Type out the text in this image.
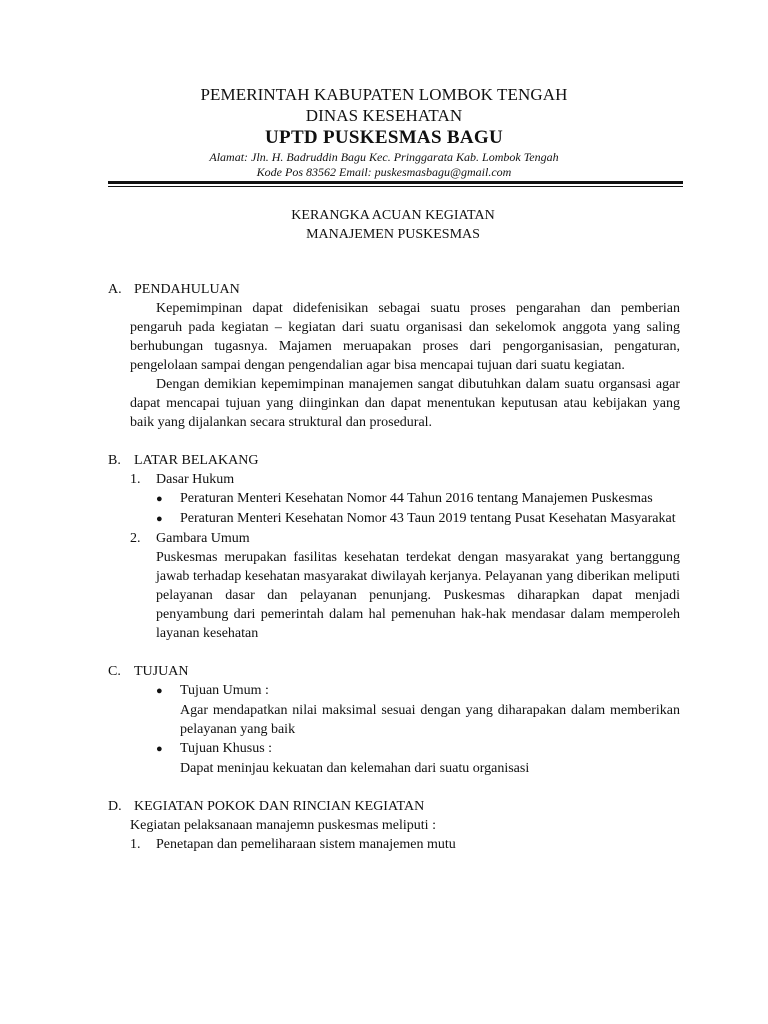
PEMERINTAH KABUPATEN LOMBOK TENGAH
DINAS KESEHATAN
UPTD PUSKESMAS BAGU
Alamat: Jln. H. Badruddin Bagu Kec. Pringgarata Kab. Lombok Tengah
Kode Pos 83562 Email: puskesmasbagu@gmail.com
KERANGKA ACUAN KEGIATAN
MANAJEMEN PUSKESMAS
A. PENDAHULUAN
Kepemimpinan dapat didefenisikan sebagai suatu proses pengarahan dan pemberian pengaruh pada kegiatan – kegiatan dari suatu organisasi dan sekelomok anggota yang saling berhubungan tugasnya. Majamen meruapakan proses dari pengorganisasian, pengaturan, pengelolaan sampai dengan pengendalian agar bisa mencapai tujuan dari suatu kegiatan.
Dengan demikian kepemimpinan manajemen sangat dibutuhkan dalam suatu organsasi agar dapat mencapai tujuan yang diinginkan dan dapat menentukan keputusan atau kebijakan yang baik yang dijalankan secara struktural dan prosedural.
B. LATAR BELAKANG
1.	Dasar Hukum
●	Peraturan Menteri Kesehatan Nomor 44 Tahun 2016 tentang Manajemen Puskesmas
●	Peraturan Menteri Kesehatan Nomor 43 Taun 2019 tentang Pusat Kesehatan Masyarakat
2.	Gambara Umum
Puskesmas merupakan fasilitas kesehatan terdekat dengan masyarakat yang bertanggung jawab terhadap kesehatan masyarakat diwilayah kerjanya. Pelayanan yang diberikan meliputi pelayanan dasar dan pelayanan penunjang. Puskesmas diharapkan dapat menjadi penyambung dari pemerintah dalam hal pemenuhan hak-hak mendasar dalam memperoleh layanan kesehatan
C. TUJUAN
●	Tujuan Umum :
Agar mendapatkan nilai maksimal sesuai dengan yang diharapakan dalam memberikan pelayanan yang baik
●	Tujuan Khusus :
Dapat meninjau kekuatan dan kelemahan dari suatu organisasi
D. KEGIATAN POKOK DAN RINCIAN KEGIATAN
Kegiatan pelaksanaan manajemn puskesmas meliputi :
1.	Penetapan dan pemeliharaan sistem manajemen mutu
